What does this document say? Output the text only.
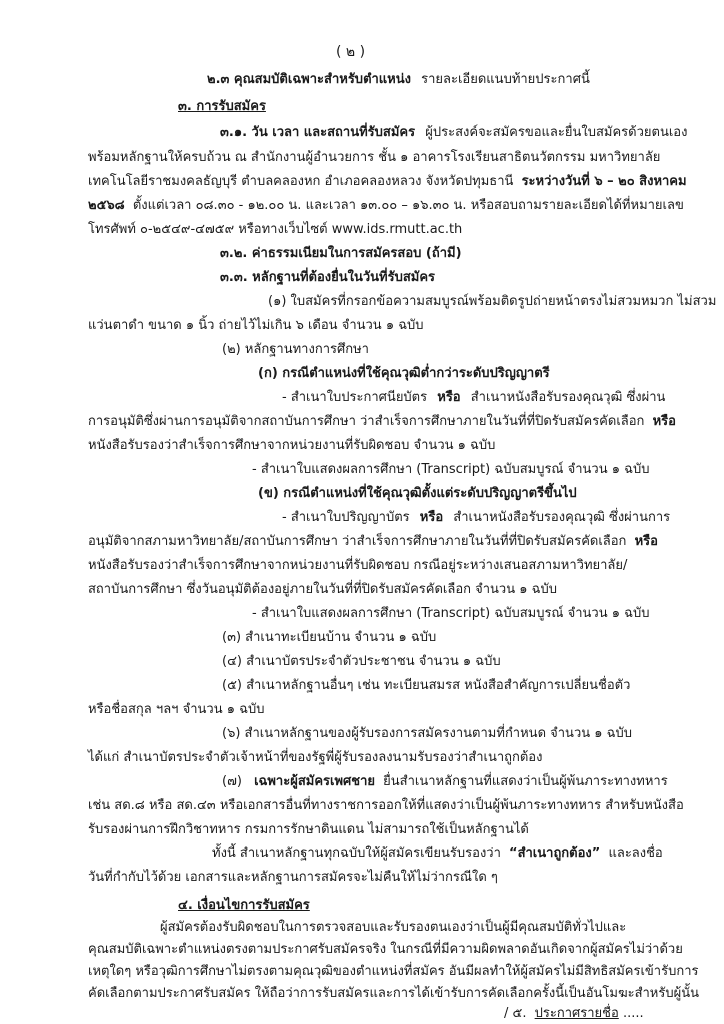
( ๒ )
๒.๓ คุณสมบัติเฉพาะสำหรับตำแหน่ง รายละเอียดแนบท้ายประกาศนี้
๓. การรับสมัคร
๓.๑. วัน เวลา และสถานที่รับสมัคร ผู้ประสงค์จะสมัครขอและยื่นใบสมัครด้วยตนเอง
พร้อมหลักฐานให้ครบถ้วน ณ สำนักงานผู้อำนวยการ ชั้น ๑ อาคารโรงเรียนสาธิตนวัตกรรม มหาวิทยาลัย
เทคโนโลยีราชมงคลธัญบุรี ตำบลคลองหก อำเภอคลองหลวง จังหวัดปทุมธานี ระหว่างวันที่ ๖ – ๒๐ สิงหาคม
๒๕๖๘ ตั้งแต่เวลา ๐๘.๓๐ - ๑๒.๐๐ น. และเวลา ๑๓.๐๐ – ๑๖.๓๐ น. หรือสอบถามรายละเอียดได้ที่หมายเลข
โทรศัพท์ ๐-๒๕๔๙-๔๗๕๙ หรือทางเว็บไซต์ www.ids.rmutt.ac.th
๓.๒. ค่าธรรมเนียมในการสมัครสอบ (ถ้ามี)
๓.๓. หลักฐานที่ต้องยื่นในวันที่รับสมัคร
(๑) ใบสมัครที่กรอกข้อความสมบูรณ์พร้อมติดรูปถ่ายหน้าตรงไม่สวมหมวก ไม่สวม
แว่นตาดำ ขนาด ๑ นิ้ว ถ่ายไว้ไม่เกิน ๖ เดือน จำนวน ๑ ฉบับ
(๒) หลักฐานทางการศึกษา
(ก) กรณีตำแหน่งที่ใช้คุณวุฒิต่ำกว่าระดับปริญญาตรี
- สำเนาใบประกาศนียบัตร หรือ สำเนาหนังสือรับรองคุณวุฒิ ซึ่งผ่าน
การอนุมัติซึ่งผ่านการอนุมัติจากสถาบันการศึกษา ว่าสำเร็จการศึกษาภายในวันที่ที่ปิดรับสมัครคัดเลือก หรือ
หนังสือรับรองว่าสำเร็จการศึกษาจากหน่วยงานที่รับผิดชอบ จำนวน ๑ ฉบับ
- สำเนาใบแสดงผลการศึกษา (Transcript) ฉบับสมบูรณ์ จำนวน ๑ ฉบับ
(ข) กรณีตำแหน่งที่ใช้คุณวุฒิตั้งแต่ระดับปริญญาตรีขึ้นไป
- สำเนาใบปริญญาบัตร หรือ สำเนาหนังสือรับรองคุณวุฒิ ซึ่งผ่านการ
อนุมัติจากสภามหาวิทยาลัย/สถาบันการศึกษา ว่าสำเร็จการศึกษาภายในวันที่ที่ปิดรับสมัครคัดเลือก หรือ
หนังสือรับรองว่าสำเร็จการศึกษาจากหน่วยงานที่รับผิดชอบ กรณีอยู่ระหว่างเสนอสภามหาวิทยาลัย/
สถาบันการศึกษา ซึ่งวันอนุมัติต้องอยู่ภายในวันที่ที่ปิดรับสมัครคัดเลือก จำนวน ๑ ฉบับ
- สำเนาใบแสดงผลการศึกษา (Transcript) ฉบับสมบูรณ์ จำนวน ๑ ฉบับ
(๓) สำเนาทะเบียนบ้าน จำนวน ๑ ฉบับ
(๔) สำเนาบัตรประจำตัวประชาชน จำนวน ๑ ฉบับ
(๕) สำเนาหลักฐานอื่นๆ เช่น ทะเบียนสมรส หนังสือสำคัญการเปลี่ยนชื่อตัว
หรือชื่อสกุล ฯลฯ จำนวน ๑ ฉบับ
(๖) สำเนาหลักฐานของผู้รับรองการสมัครงานตามที่กำหนด จำนวน ๑ ฉบับ
ได้แก่ สำเนาบัตรประจำตัวเจ้าหน้าที่ของรัฐพี่ผู้รับรองลงนามรับรองว่าสำเนาถูกต้อง
(๗) เฉพาะผู้สมัครเพศชาย ยื่นสำเนาหลักฐานที่แสดงว่าเป็นผู้พ้นภาระทางทหาร
เช่น สด.๘ หรือ สด.๔๓ หรือเอกสารอื่นที่ทางราชการออกให้ที่แสดงว่าเป็นผู้พ้นภาระทางทหาร สำหรับหนังสือ
รับรองผ่านการฝึกวิชาทหาร กรมการรักษาดินแดน ไม่สามารถใช้เป็นหลักฐานได้
ทั้งนี้ สำเนาหลักฐานทุกฉบับให้ผู้สมัครเขียนรับรองว่า “สำเนาถูกต้อง” และลงชื่อ
วันที่กำกับไว้ด้วย เอกสารและหลักฐานการสมัครจะไม่คืนให้ไม่ว่ากรณีใด ๆ
๔. เงื่อนไขการรับสมัคร
ผู้สมัครต้องรับผิดชอบในการตรวจสอบและรับรองตนเองว่าเป็นผู้มีคุณสมบัติทั่วไปและ
คุณสมบัติเฉพาะตำแหน่งตรงตามประกาศรับสมัครจริง ในกรณีที่มีความผิดพลาดอันเกิดจากผู้สมัครไม่ว่าด้วย
เหตุใดๆ หรือวุฒิการศึกษาไม่ตรงตามคุณวุฒิของตำแหน่งที่สมัคร อันมีผลทำให้ผู้สมัครไม่มีสิทธิสมัครเข้ารับการ
คัดเลือกตามประกาศรับสมัคร ให้ถือว่าการรับสมัครและการได้เข้ารับการคัดเลือกครั้งนี้เป็นอันโมฆะสำหรับผู้นั้น
/ ๕. ประกาศรายชื่อ .....
